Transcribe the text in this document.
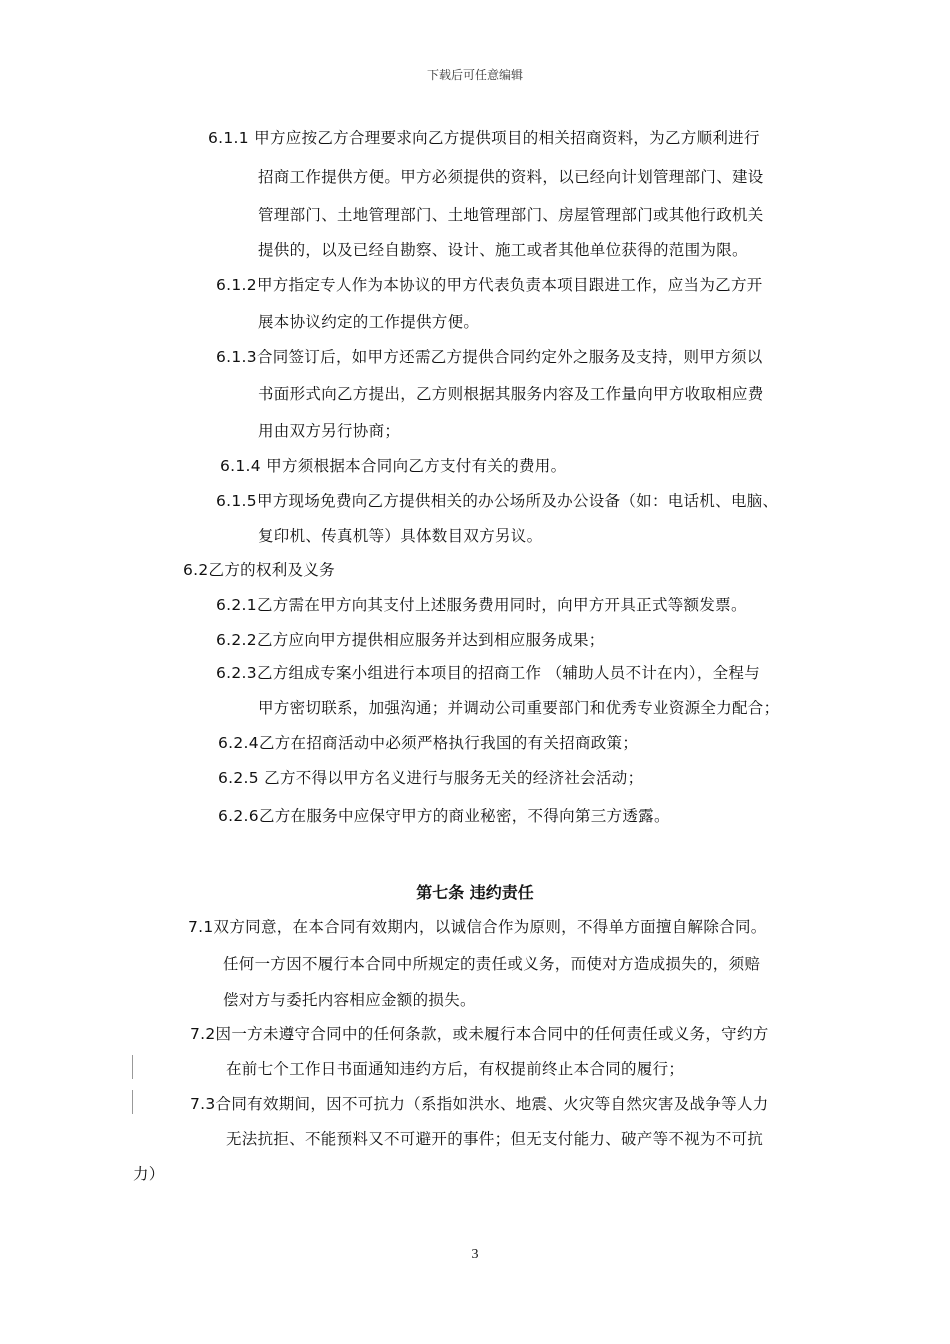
下载后可任意编辑
6.1.1 甲方应按乙方合理要求向乙方提供项目的相关招商资料，为乙方顺利进行
招商工作提供方便。甲方必须提供的资料，以已经向计划管理部门、建设
管理部门、土地管理部门、土地管理部门、房屋管理部门或其他行政机关
提供的，以及已经自勘察、设计、施工或者其他单位获得的范围为限。
6.1.2甲方指定专人作为本协议的甲方代表负责本项目跟进工作，应当为乙方开
展本协议约定的工作提供方便。
6.1.3合同签订后，如甲方还需乙方提供合同约定外之服务及支持，则甲方须以
书面形式向乙方提出，乙方则根据其服务内容及工作量向甲方收取相应费
用由双方另行协商；
6.1.4 甲方须根据本合同向乙方支付有关的费用。
6.1.5甲方现场免费向乙方提供相关的办公场所及办公设备（如：电话机、电脑、
复印机、传真机等）具体数目双方另议。
6.2乙方的权利及义务
6.2.1乙方需在甲方向其支付上述服务费用同时，向甲方开具正式等额发票。
6.2.2乙方应向甲方提供相应服务并达到相应服务成果；
6.2.3乙方组成专案小组进行本项目的招商工作 （辅助人员不计在内），全程与
甲方密切联系，加强沟通；并调动公司重要部门和优秀专业资源全力配合；
6.2.4乙方在招商活动中必须严格执行我国的有关招商政策；
6.2.5 乙方不得以甲方名义进行与服务无关的经济社会活动；
6.2.6乙方在服务中应保守甲方的商业秘密，不得向第三方透露。
第七条 违约责任
7.1双方同意，在本合同有效期内，以诚信合作为原则，不得单方面擅自解除合同。
任何一方因不履行本合同中所规定的责任或义务，而使对方造成损失的，须赔
偿对方与委托内容相应金额的损失。
7.2因一方未遵守合同中的任何条款，或未履行本合同中的任何责任或义务，守约方
在前七个工作日书面通知违约方后，有权提前终止本合同的履行；
7.3合同有效期间，因不可抗力（系指如洪水、地震、火灾等自然灾害及战争等人力
无法抗拒、不能预料又不可避开的事件；但无支付能力、破产等不视为不可抗
力）
3
